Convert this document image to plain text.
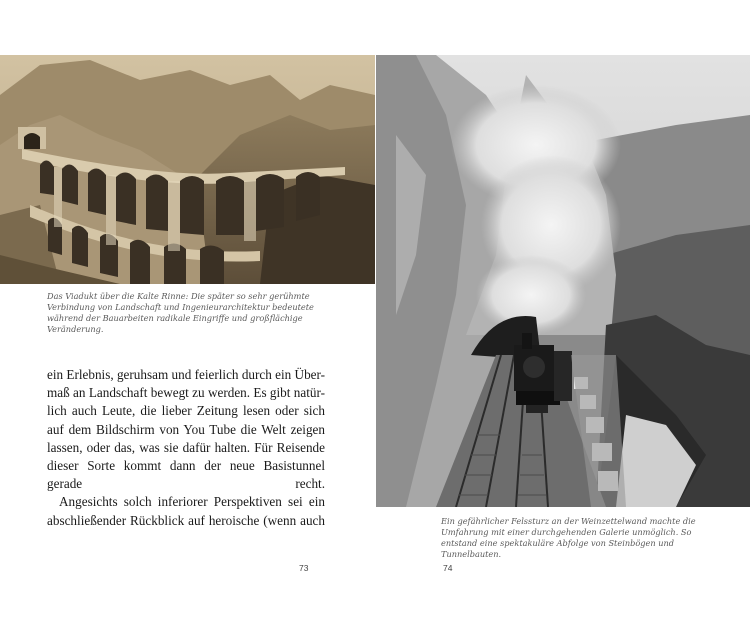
Das Viadukt über die Kalte Rinne: Die später so sehr gerühmte Verbindung von Landschaft und Ingenieurarchitektur bedeutete während der Bauarbeiten radikale Eingriffe und großflächige Veränderung.

ein Erlebnis, geruhsam und feierlich durch ein Über-
maß an Landschaft bewegt zu werden. Es gibt natür-
lich auch Leute, die lieber Zeitung lesen oder sich
auf dem Bildschirm von You Tube die Welt zeigen
lassen, oder das, was sie dafür halten. Für Reisende
dieser Sorte kommt dann der neue Basistunnel
gerade recht.

Angesichts solch inferiorer Perspektiven sei ein
abschließender Rückblick auf heroische (wenn auch

73
Ein gefährlicher Felssturz an der Weinzettelwand machte die Umfahrung mit einer durchgehenden Galerie unmöglich. So entstand eine spektakuläre Abfolge von Steinbögen und Tunnelbauten.
74
